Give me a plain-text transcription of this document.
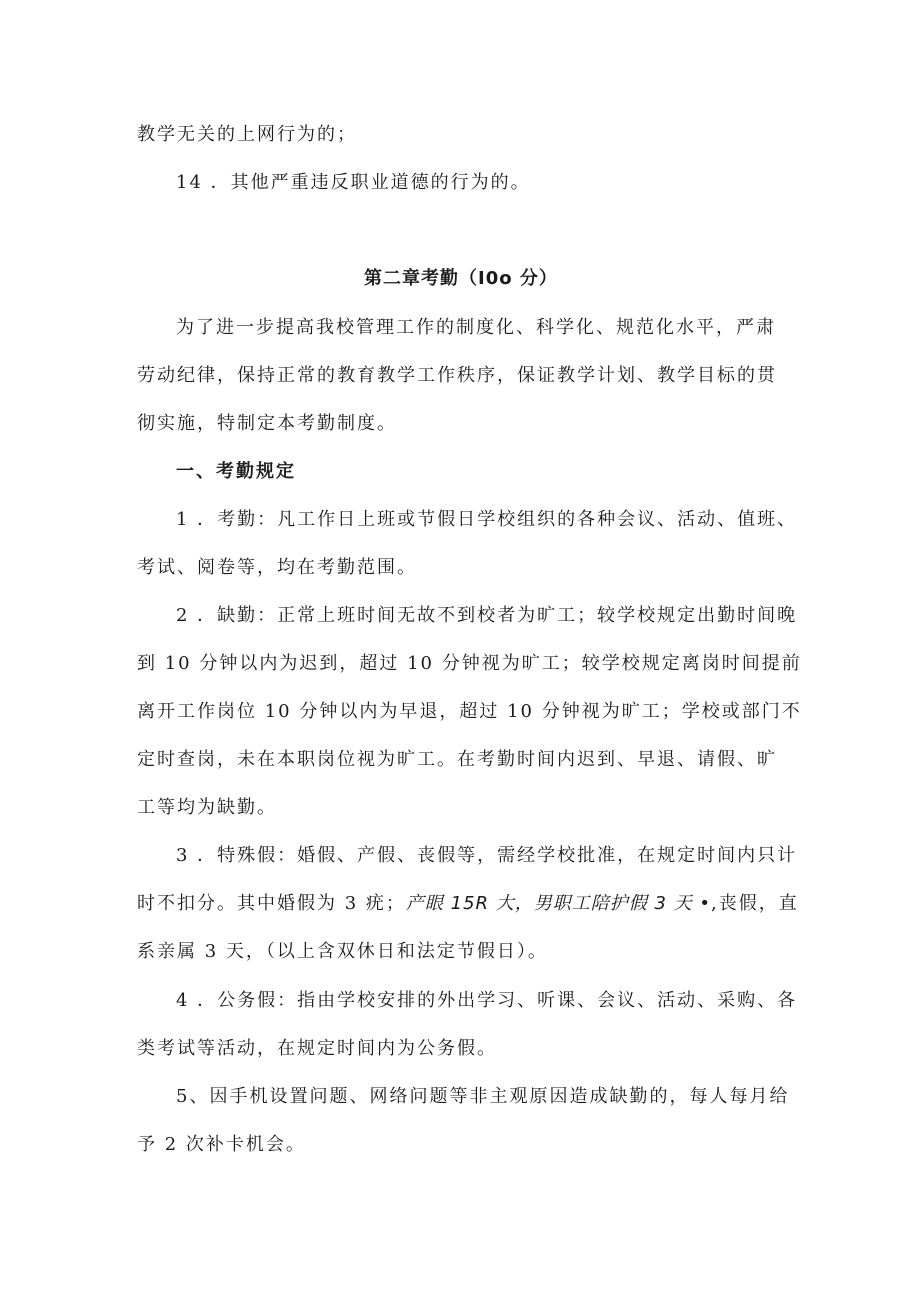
教学无关的上网行为的；
14 ．其他严重违反职业道德的行为的。
第二章考勤（I0o 分）
为了进一步提高我校管理工作的制度化、科学化、规范化水平，严肃
劳动纪律，保持正常的教育教学工作秩序，保证教学计划、教学目标的贯
彻实施，特制定本考勤制度。
一、考勤规定
1 ．考勤：凡工作日上班或节假日学校组织的各种会议、活动、值班、
考试、阅卷等，均在考勤范围。
2 ．缺勤：正常上班时间无故不到校者为旷工；较学校规定出勤时间晚
到 10 分钟以内为迟到，超过 10 分钟视为旷工；较学校规定离岗时间提前
离开工作岗位 10 分钟以内为早退，超过 10 分钟视为旷工；学校或部门不
定时查岗，未在本职岗位视为旷工。在考勤时间内迟到、早退、请假、旷
工等均为缺勤。
3 ．特殊假：婚假、产假、丧假等，需经学校批准，在规定时间内只计
时不扣分。其中婚假为 3 疣；产眼 15R 大，男职工陪护假 3 天 •,丧假，直
系亲属 3 天，（以上含双休日和法定节假日）。
4 ．公务假：指由学校安排的外出学习、听课、会议、活动、采购、各
类考试等活动，在规定时间内为公务假。
5、因手机设置问题、网络问题等非主观原因造成缺勤的，每人每月给
予 2 次补卡机会。
